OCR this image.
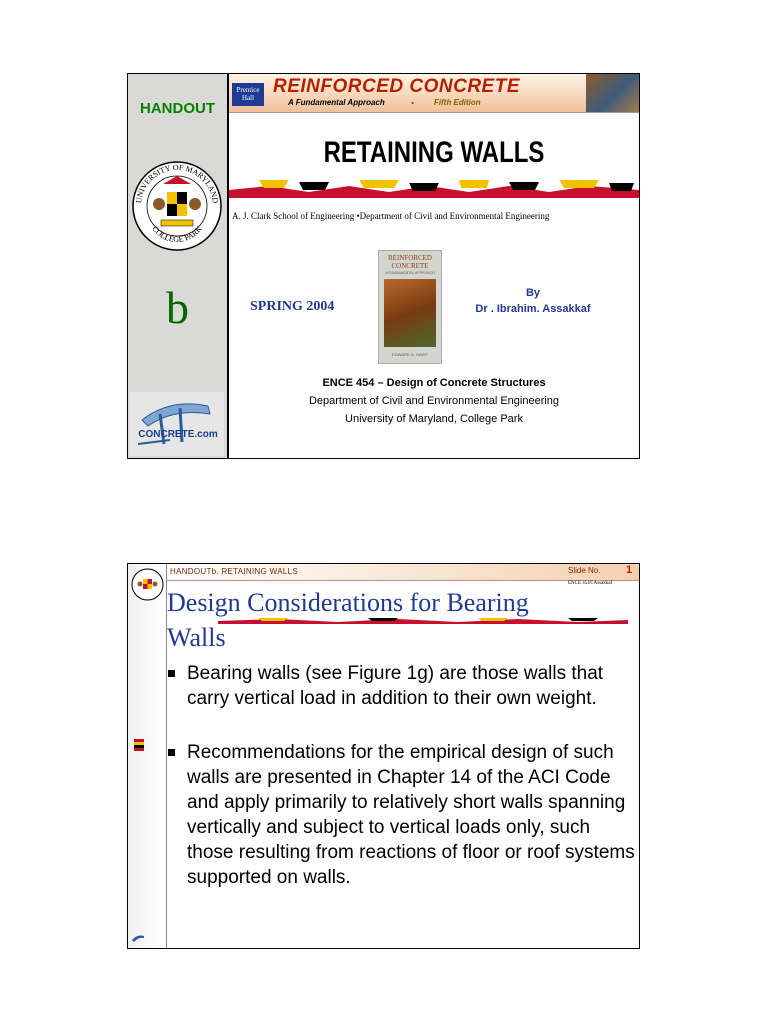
HANDOUT
UNIVERSITY OF MARYLAND
COLLEGE PARK
b
CONCRETE.com
Prentice
Hall
REINFORCED CONCRETE
A Fundamental Approach	- Fifth Edition
RETAINING WALLS
A. J. Clark School of Engineering •Department of Civil and Environmental Engineering
SPRING 2004
REINFORCED
CONCRETE
A FUNDAMENTAL APPROACH
EDWARD G. NAWY
By
Dr . Ibrahim. Assakkaf
ENCE 454 – Design of Concrete Structures
Department of Civil and Environmental Engineering
University of Maryland, College Park
HANDOUTb. RETAINING WALLS	Slide No. 1
ENCE 454©Assakkaf
Design Considerations for Bearing
Walls
Bearing walls (see Figure 1g) are those walls that carry vertical load in addition to their own weight.
Recommendations for the empirical design of such walls are presented in Chapter 14 of the ACI Code and apply primarily to relatively short walls spanning vertically and subject to vertical loads only, such those resulting from reactions of floor or roof systems supported on walls.
